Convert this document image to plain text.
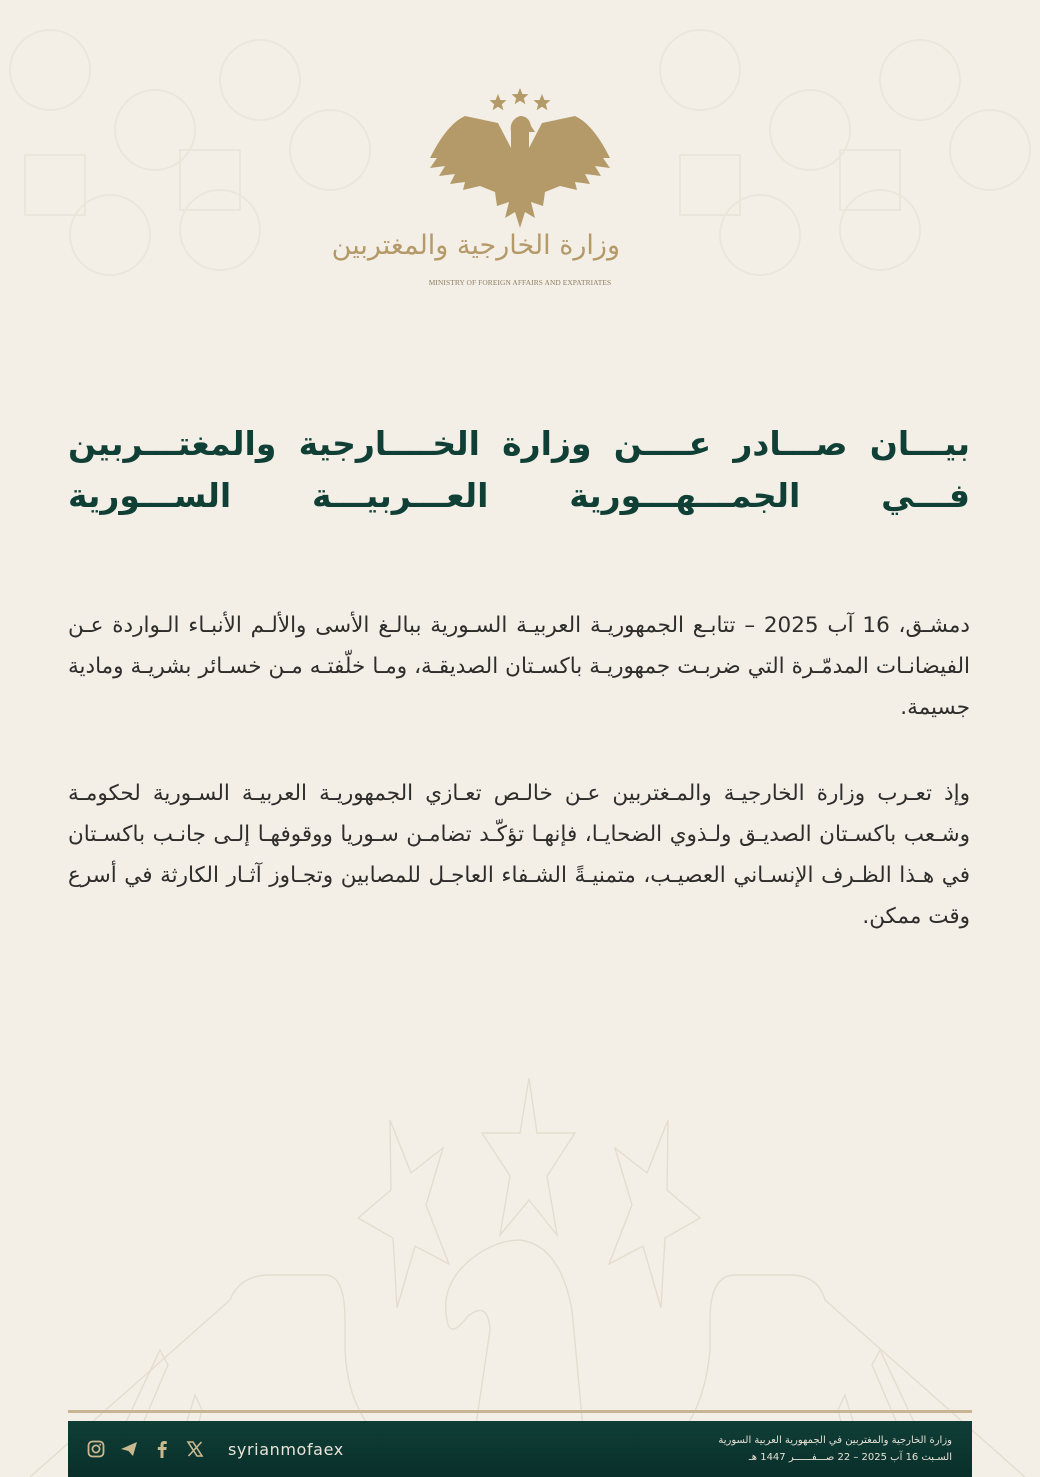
وزارة الخارجية والمغتربين
MINISTRY OF FOREIGN AFFAIRS AND EXPATRIATES
بيـــان صـــادر عــــن وزارة الخــــارجية والمغتـــربين
فـــي الجمـــهـــورية العـــربيـــة الســـورية
دمشـق، 16 آب 2025 – تتابـع الجمهوريـة العربيـة السـورية ببالـغ الأسى والألـم الأنبـاء الـواردة عـن الفيضانـات المدمّـرة التي ضربـت جمهوريـة باكسـتان الصديقـة، ومـا خلّفتـه مـن خسـائر بشريـة ومادية جسيمة.
وإذ تعـرب وزارة الخارجيـة والمـغتربين عـن خالـص تعـازي الجمهوريـة العربيـة السـورية لحكومـة وشـعب باكسـتان الصديـق ولـذوي الضحايـا، فإنهـا تؤكّـد تضامـن سـوريا ووقوفهـا إلـى جانـب باكسـتان في هـذا الظـرف الإنسـاني العصيـب، متمنيـةً الشـفاء العاجـل للمصابين وتجـاوز آثـار الكارثة في أسرع وقت ممكن.
syrianmofaex	وزارة الخارجية والمغتربين في الجمهورية العربية السورية
السـبت 16 آب 2025 – 22 صـــفــــــر 1447 هـ
